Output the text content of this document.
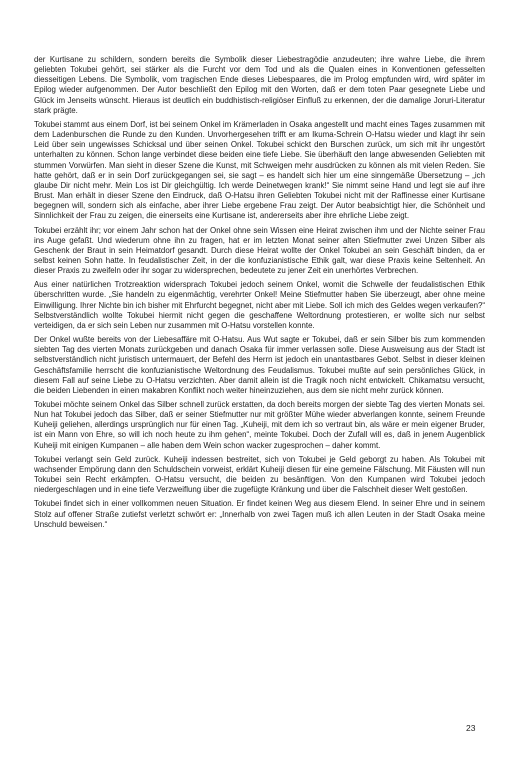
der Kurtisane zu schildern, sondern bereits die Symbolik dieser Liebestragödie anzudeuten; ihre wahre Liebe, die ihrem geliebten Tokubei gehört, sei stärker als die Furcht vor dem Tod und als die Qualen eines in Konventionen gefesselten diesseitigen Lebens. Die Symbolik, vom tragischen Ende dieses Liebespaares, die im Prolog empfunden wird, wird später im Epilog wieder aufgenommen. Der Autor beschließt den Epilog mit den Worten, daß er dem toten Paar gesegnete Liebe und Glück im Jenseits wünscht. Hieraus ist deutlich ein buddhistisch-religiöser Einfluß zu erkennen, der die damalige Joruri-Literatur stark prägte.

Tokubei stammt aus einem Dorf, ist bei seinem Onkel im Krämerladen in Osaka angestellt und macht eines Tages zusammen mit dem Ladenburschen die Runde zu den Kunden. Unvorhergesehen trifft er am Ikuma-Schrein O-Hatsu wieder und klagt ihr sein Leid über sein ungewisses Schicksal und über seinen Onkel. Tokubei schickt den Burschen zurück, um sich mit ihr ungestört unterhalten zu können. Schon lange verbindet diese beiden eine tiefe Liebe. Sie überhäuft den lange abwesenden Geliebten mit stummen Vorwürfen. Man sieht in dieser Szene die Kunst, mit Schweigen mehr ausdrücken zu können als mit vielen Reden. Sie hatte gehört, daß er in sein Dorf zurückgegangen sei, sie sagt – es handelt sich hier um eine sinngemäße Übersetzung – „ich glaube Dir nicht mehr. Mein Los ist Dir gleichgültig. Ich werde Deinetwegen krank!“ Sie nimmt seine Hand und legt sie auf ihre Brust. Man erhält in dieser Szene den Eindruck, daß O-Hatsu ihren Geliebten Tokubei nicht mit der Raffinesse einer Kurtisane begegnen will, sondern sich als einfache, aber ihrer Liebe ergebene Frau zeigt. Der Autor beabsichtigt hier, die Schönheit und Sinnlichkeit der Frau zu zeigen, die einerseits eine Kurtisane ist, andererseits aber ihre ehrliche Liebe zeigt.

Tokubei erzählt ihr; vor einem Jahr schon hat der Onkel ohne sein Wissen eine Heirat zwischen ihm und der Nichte seiner Frau ins Auge gefaßt. Und wiederum ohne ihn zu fragen, hat er im letzten Monat seiner alten Stiefmutter zwei Unzen Silber als Geschenk der Braut in sein Heimatdorf gesandt. Durch diese Heirat wollte der Onkel Tokubei an sein Geschäft binden, da er selbst keinen Sohn hatte. In feudalistischer Zeit, in der die konfuzianistische Ethik galt, war diese Praxis keine Seltenheit. An dieser Praxis zu zweifeln oder ihr sogar zu widersprechen, bedeutete zu jener Zeit ein unerhörtes Verbrechen.

Aus einer natürlichen Trotzreaktion widersprach Tokubei jedoch seinem Onkel, womit die Schwelle der feudalistischen Ethik überschritten wurde. „Sie handeln zu eigenmächtig, verehrter Onkel! Meine Stiefmutter haben Sie überzeugt, aber ohne meine Einwilligung. Ihrer Nichte bin ich bisher mit Ehrfurcht begegnet, nicht aber mit Liebe. Soll ich mich des Geldes wegen verkaufen?“ Selbstverständlich wollte Tokubei hiermit nicht gegen die geschaffene Weltordnung protestieren, er wollte sich nur selbst verteidigen, da er sich sein Leben nur zusammen mit O-Hatsu vorstellen konnte.

Der Onkel wußte bereits von der Liebesaffäre mit O-Hatsu. Aus Wut sagte er Tokubei, daß er sein Silber bis zum kommenden siebten Tag des vierten Monats zurückgeben und danach Osaka für immer verlassen solle. Diese Ausweisung aus der Stadt ist selbstverständlich nicht juristisch untermauert, der Befehl des Herrn ist jedoch ein unantastbares Gebot. Selbst in dieser kleinen Geschäftsfamilie herrscht die konfuzianistische Weltordnung des Feudalismus. Tokubei mußte auf sein persönliches Glück, in diesem Fall auf seine Liebe zu O-Hatsu verzichten. Aber damit allein ist die Tragik noch nicht entwickelt. Chikamatsu versucht, die beiden Liebenden in einen makabren Konflikt noch weiter hineinzuziehen, aus dem sie nicht mehr zurück können.

Tokubei möchte seinem Onkel das Silber schnell zurück erstatten, da doch bereits morgen der siebte Tag des vierten Monats sei. Nun hat Tokubei jedoch das Silber, daß er seiner Stiefmutter nur mit größter Mühe wieder abverlangen konnte, seinem Freunde Kuheiji geliehen, allerdings ursprünglich nur für einen Tag. „Kuheiji, mit dem ich so vertraut bin, als wäre er mein eigener Bruder, ist ein Mann von Ehre, so will ich noch heute zu ihm gehen“, meinte Tokubei. Doch der Zufall will es, daß in jenem Augenblick Kuheiji mit einigen Kumpanen – alle haben dem Wein schon wacker zugesprochen – daher kommt.

Tokubei verlangt sein Geld zurück. Kuheiji indessen bestreitet, sich von Tokubei je Geld geborgt zu haben. Als Tokubei mit wachsender Empörung dann den Schuldschein vorweist, erklärt Kuheiji diesen für eine gemeine Fälschung. Mit Fäusten will nun Tokubei sein Recht erkämpfen. O-Hatsu versucht, die beiden zu besänftigen. Von den Kumpanen wird Tokubei jedoch niedergeschlagen und in eine tiefe Verzweiflung über die zugefügte Kränkung und über die Falschheit dieser Welt gestoßen.

Tokubei findet sich in einer vollkommen neuen Situation. Er findet keinen Weg aus diesem Elend. In seiner Ehre und in seinem Stolz auf offener Straße zutiefst verletzt schwört er: „Innerhalb von zwei Tagen muß ich allen Leuten in der Stadt Osaka meine Unschuld beweisen.“

23
